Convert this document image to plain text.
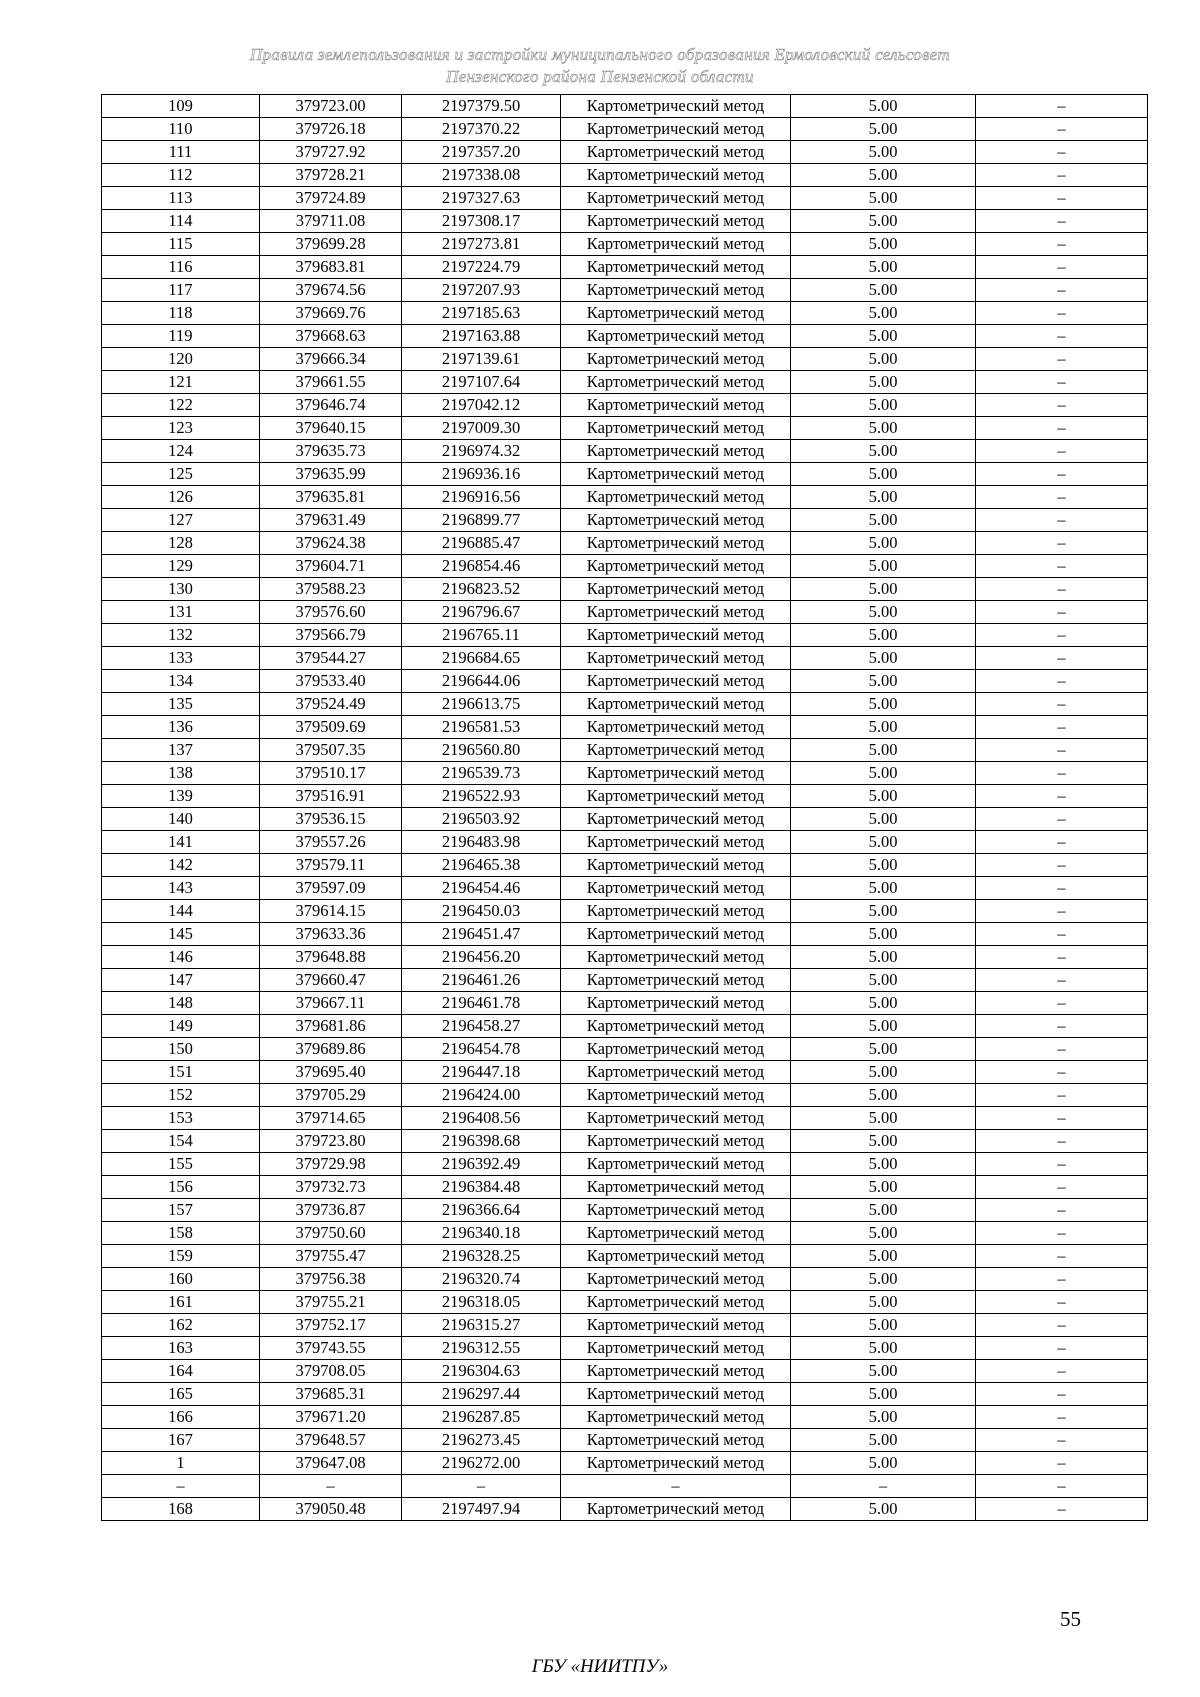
Правила землепользования и застройки муниципального образования Ермоловский сельсовет
Пензенского района Пензенской области
109	379723.00	2197379.50	Картометрический метод	5.00	–
110	379726.18	2197370.22	Картометрический метод	5.00	–
111	379727.92	2197357.20	Картометрический метод	5.00	–
112	379728.21	2197338.08	Картометрический метод	5.00	–
113	379724.89	2197327.63	Картометрический метод	5.00	–
114	379711.08	2197308.17	Картометрический метод	5.00	–
115	379699.28	2197273.81	Картометрический метод	5.00	–
116	379683.81	2197224.79	Картометрический метод	5.00	–
117	379674.56	2197207.93	Картометрический метод	5.00	–
118	379669.76	2197185.63	Картометрический метод	5.00	–
119	379668.63	2197163.88	Картометрический метод	5.00	–
120	379666.34	2197139.61	Картометрический метод	5.00	–
121	379661.55	2197107.64	Картометрический метод	5.00	–
122	379646.74	2197042.12	Картометрический метод	5.00	–
123	379640.15	2197009.30	Картометрический метод	5.00	–
124	379635.73	2196974.32	Картометрический метод	5.00	–
125	379635.99	2196936.16	Картометрический метод	5.00	–
126	379635.81	2196916.56	Картометрический метод	5.00	–
127	379631.49	2196899.77	Картометрический метод	5.00	–
128	379624.38	2196885.47	Картометрический метод	5.00	–
129	379604.71	2196854.46	Картометрический метод	5.00	–
130	379588.23	2196823.52	Картометрический метод	5.00	–
131	379576.60	2196796.67	Картометрический метод	5.00	–
132	379566.79	2196765.11	Картометрический метод	5.00	–
133	379544.27	2196684.65	Картометрический метод	5.00	–
134	379533.40	2196644.06	Картометрический метод	5.00	–
135	379524.49	2196613.75	Картометрический метод	5.00	–
136	379509.69	2196581.53	Картометрический метод	5.00	–
137	379507.35	2196560.80	Картометрический метод	5.00	–
138	379510.17	2196539.73	Картометрический метод	5.00	–
139	379516.91	2196522.93	Картометрический метод	5.00	–
140	379536.15	2196503.92	Картометрический метод	5.00	–
141	379557.26	2196483.98	Картометрический метод	5.00	–
142	379579.11	2196465.38	Картометрический метод	5.00	–
143	379597.09	2196454.46	Картометрический метод	5.00	–
144	379614.15	2196450.03	Картометрический метод	5.00	–
145	379633.36	2196451.47	Картометрический метод	5.00	–
146	379648.88	2196456.20	Картометрический метод	5.00	–
147	379660.47	2196461.26	Картометрический метод	5.00	–
148	379667.11	2196461.78	Картометрический метод	5.00	–
149	379681.86	2196458.27	Картометрический метод	5.00	–
150	379689.86	2196454.78	Картометрический метод	5.00	–
151	379695.40	2196447.18	Картометрический метод	5.00	–
152	379705.29	2196424.00	Картометрический метод	5.00	–
153	379714.65	2196408.56	Картометрический метод	5.00	–
154	379723.80	2196398.68	Картометрический метод	5.00	–
155	379729.98	2196392.49	Картометрический метод	5.00	–
156	379732.73	2196384.48	Картометрический метод	5.00	–
157	379736.87	2196366.64	Картометрический метод	5.00	–
158	379750.60	2196340.18	Картометрический метод	5.00	–
159	379755.47	2196328.25	Картометрический метод	5.00	–
160	379756.38	2196320.74	Картометрический метод	5.00	–
161	379755.21	2196318.05	Картометрический метод	5.00	–
162	379752.17	2196315.27	Картометрический метод	5.00	–
163	379743.55	2196312.55	Картометрический метод	5.00	–
164	379708.05	2196304.63	Картометрический метод	5.00	–
165	379685.31	2196297.44	Картометрический метод	5.00	–
166	379671.20	2196287.85	Картометрический метод	5.00	–
167	379648.57	2196273.45	Картометрический метод	5.00	–
1	379647.08	2196272.00	Картометрический метод	5.00	–
–	–	–	–	–	–
168	379050.48	2197497.94	Картометрический метод	5.00	–
55
ГБУ «НИИТПУ»
